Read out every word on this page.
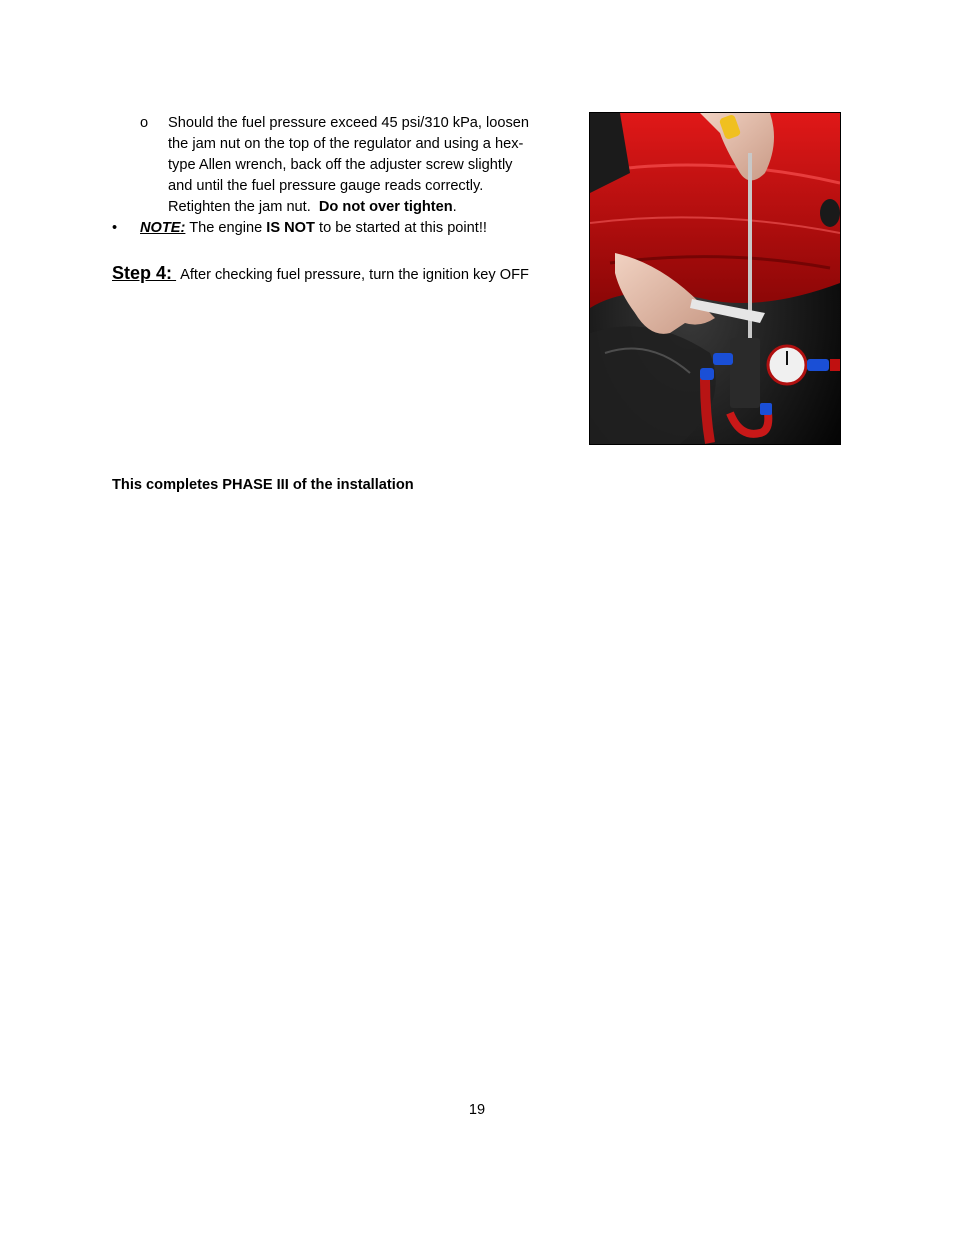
o Should the fuel pressure exceed 45 psi/310 kPa, loosen
the jam nut on the top of the regulator and using a hex-
type Allen wrench, back off the adjuster screw slightly
and until the fuel pressure gauge reads correctly.
Retighten the jam nut. Do not over tighten.
•	NOTE: The engine IS NOT to be started at this point!!
Step 4: After checking fuel pressure, turn the ignition key OFF
This completes PHASE III of the installation
19
